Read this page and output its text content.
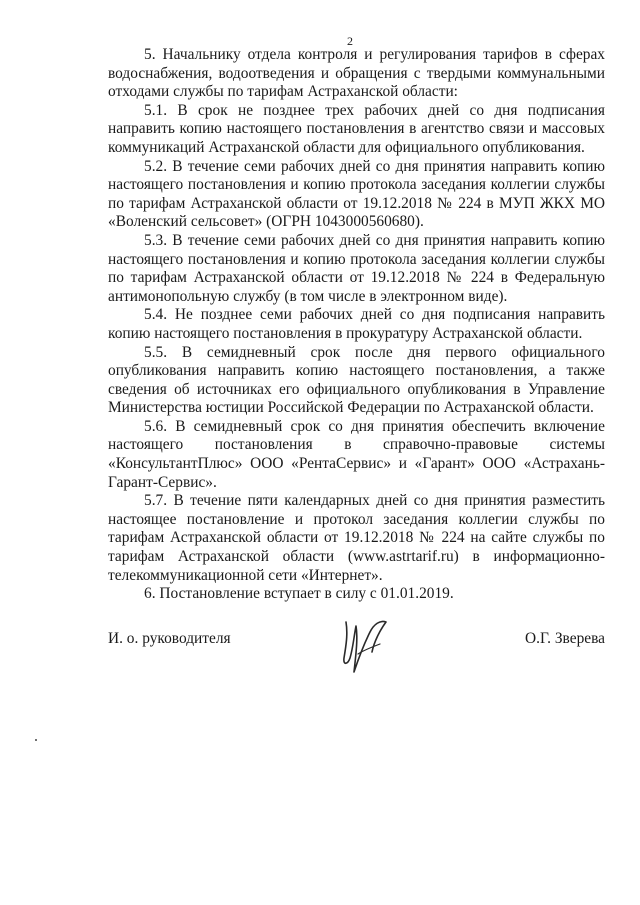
2

5. Начальнику отдела контроля и регулирования тарифов в сферах водоснабжения, водоотведения и обращения с твердыми коммунальными отходами службы по тарифам Астраханской области:

5.1. В срок не позднее трех рабочих дней со дня подписания направить копию настоящего постановления в агентство связи и массовых коммуникаций Астраханской области для официального опубликования.

5.2. В течение семи рабочих дней со дня принятия направить копию настоящего постановления и копию протокола заседания коллегии службы по тарифам Астраханской области от 19.12.2018 № 224 в МУП ЖКХ МО «Воленский сельсовет» (ОГРН 1043000560680).

5.3. В течение семи рабочих дней со дня принятия направить копию настоящего постановления и копию протокола заседания коллегии службы по тарифам Астраханской области от 19.12.2018 № 224 в Федеральную антимонопольную службу (в том числе в электронном виде).

5.4. Не позднее семи рабочих дней со дня подписания направить копию настоящего постановления в прокуратуру Астраханской области.

5.5. В семидневный срок после дня первого официального опубликования направить копию настоящего постановления, а также сведения об источниках его официального опубликования в Управление Министерства юстиции Российской Федерации по Астраханской области.

5.6. В семидневный срок со дня принятия обеспечить включение настоящего постановления в справочно-правовые системы «КонсультантПлюс» ООО «РентаСервис» и «Гарант» ООО «Астрахань-Гарант-Сервис».

5.7. В течение пяти календарных дней со дня принятия разместить настоящее постановление и протокол заседания коллегии службы по тарифам Астраханской области от 19.12.2018 № 224 на сайте службы по тарифам Астраханской области (www.astrtarif.ru) в информационно-телекоммуникационной сети «Интернет».

6. Постановление вступает в силу с 01.01.2019.

И. о. руководителя	О.Г. Зверева
